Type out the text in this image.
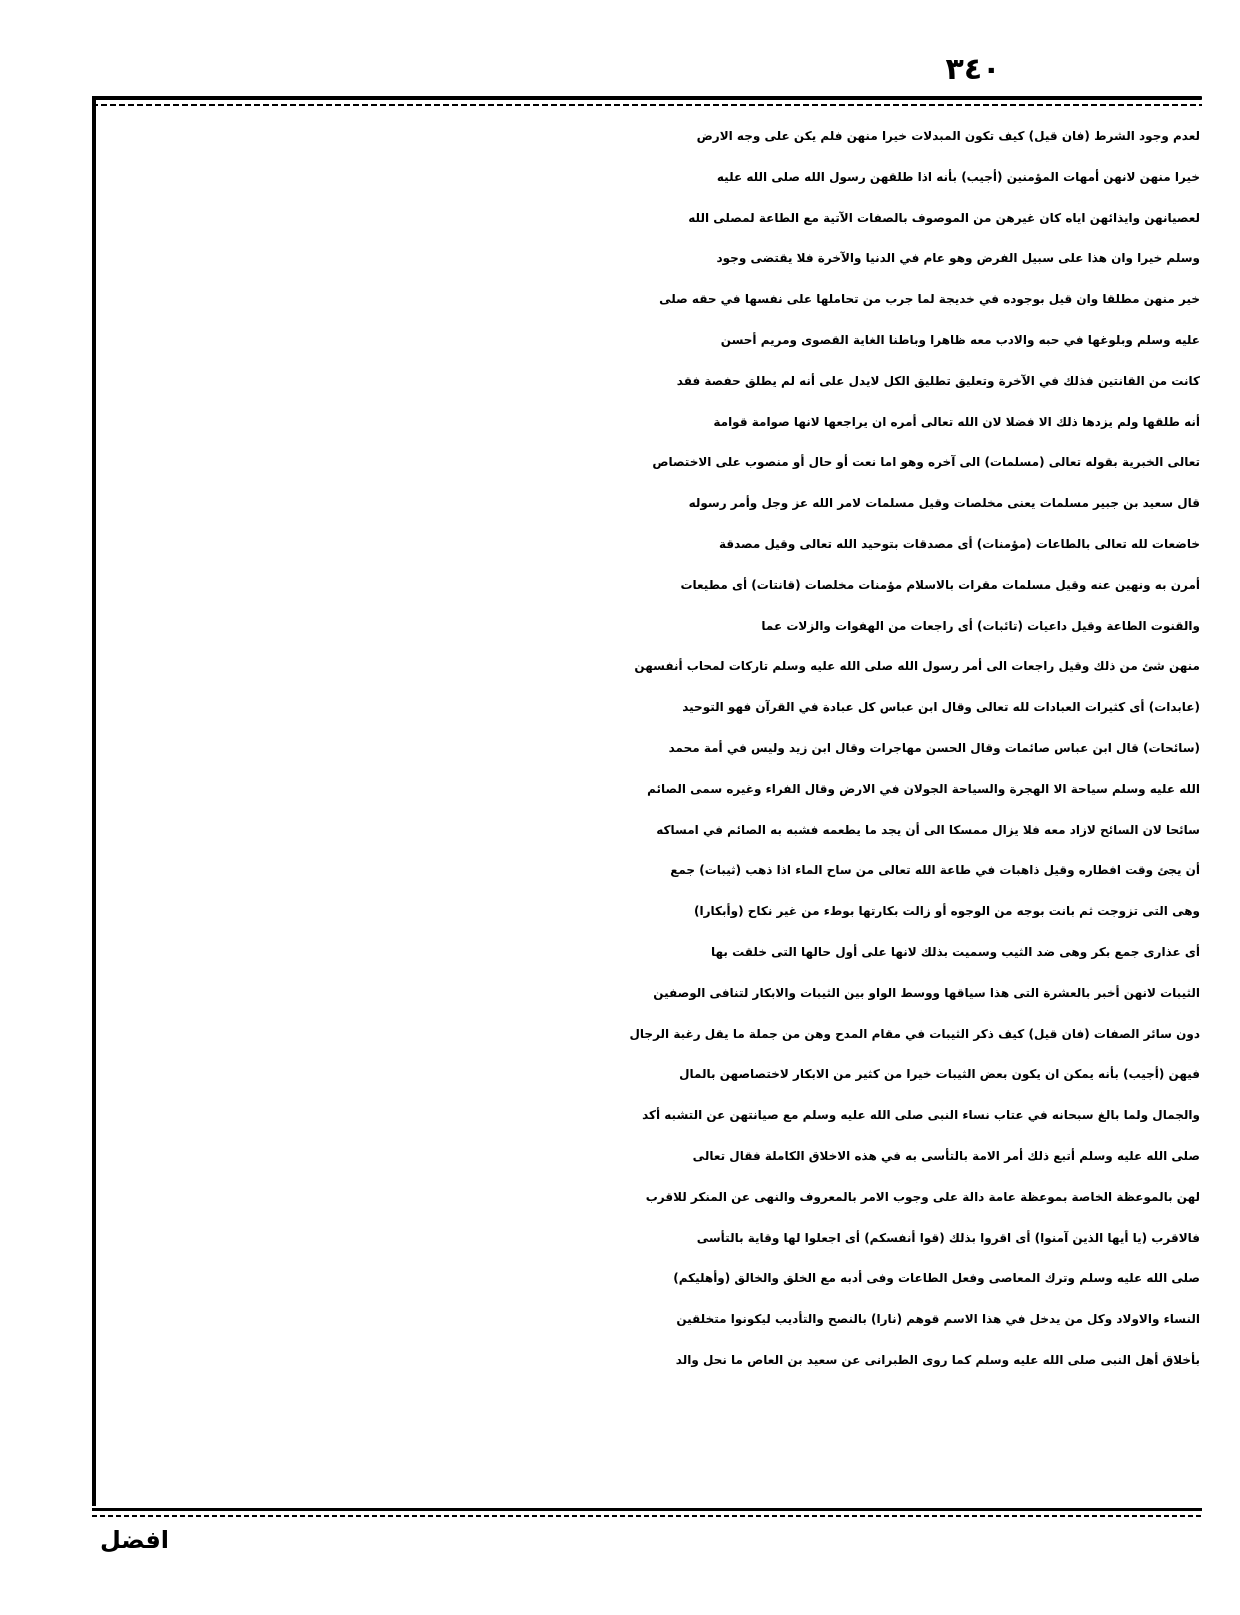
٣٤٠
لعدم وجود الشرط (فان قيل) كيف تكون المبدلات خيرا منهن فلم يكن على وجه الارض
خيرا منهن لانهن أمهات المؤمنين (أجيب) بأنه اذا طلقهن رسول الله صلى الله عليه
لعصيانهن وايذائهن اياه كان غيرهن من الموصوف بالصفات الآتية مع الطاعة لمصلى الله
وسلم خيرا وان هذا على سبيل الفرض وهو عام في الدنيا والآخرة فلا يقتضى وجود
خير منهن مطلقا وان قيل بوجوده في خديجة لما جرب من تحاملها على نفسها في حقه صلى
عليه وسلم وبلوغها في حبه والادب معه ظاهرا وباطنا الغاية القصوى ومريم أحسن
كانت من القانتين فذلك في الآخرة وتعليق تطليق الكل لايدل على أنه لم يطلق حفصة فقد
أنه طلقها ولم يزدها ذلك الا فضلا لان الله تعالى أمره ان يراجعها لانها صوامة قوامة
تعالى الخبرية بقوله تعالى (مسلمات) الى آخره وهو اما نعت أو حال أو منصوب على الاختصاص
قال سعيد بن جبير مسلمات يعنى مخلصات وقيل مسلمات لامر الله عز وجل وأمر رسوله
خاضعات لله تعالى بالطاعات (مؤمنات) أى مصدقات بتوحيد الله تعالى وقيل مصدقة
أمرن به ونهين عنه وقيل مسلمات مقرات بالاسلام مؤمنات مخلصات (قانتات) أى مطيعات
والقنوت الطاعة وقيل داعيات (تائبات) أى راجعات من الهفوات والزلات عما
منهن شئ من ذلك وقيل راجعات الى أمر رسول الله صلى الله عليه وسلم تاركات لمحاب أنفسهن
(عابدات) أى كثيرات العبادات لله تعالى وقال ابن عباس كل عبادة في القرآن فهو التوحيد
(سائحات) قال ابن عباس صائمات وقال الحسن مهاجرات وقال ابن زيد وليس في أمة محمد
الله عليه وسلم سياحة الا الهجرة والسياحة الجولان في الارض وقال الفراء وغيره سمى الصائم
سائحا لان السائح لازاد معه فلا يزال ممسكا الى أن يجد ما يطعمه فشبه به الصائم في امساكه
أن يجئ وقت افطاره وقيل ذاهبات في طاعة الله تعالى من ساح الماء اذا ذهب (ثيبات) جمع
وهى التى تزوجت ثم بانت بوجه من الوجوه أو زالت بكارتها بوطء من غير نكاح (وأبكارا)
أى عذارى جمع بكر وهى ضد الثيب وسميت بذلك لانها على أول حالها التى خلقت بها
الثيبات لانهن أخبر بالعشرة التى هذا سياقها ووسط الواو بين الثيبات والابكار لتنافى الوصفين
دون سائر الصفات (فان قيل) كيف ذكر الثيبات في مقام المدح وهن من جملة ما يقل رغبة الرجال
فيهن (أجيب) بأنه يمكن ان يكون بعض الثيبات خيرا من كثير من الابكار لاختصاصهن بالمال
والجمال ولما بالغ سبحانه في عتاب نساء النبى صلى الله عليه وسلم مع صيانتهن عن التشبه أكد
صلى الله عليه وسلم أتبع ذلك أمر الامة بالتأسى به في هذه الاخلاق الكاملة فقال تعالى
لهن بالموعظة الخاصة بموعظة عامة دالة على وجوب الامر بالمعروف والنهى عن المنكر للاقرب
فالاقرب (يا أيها الذين آمنوا) أى اقروا بذلك (قوا أنفسكم) أى اجعلوا لها وقاية بالتأسى
صلى الله عليه وسلم وترك المعاصى وفعل الطاعات وفى أدبه مع الخلق والخالق (وأهليكم)
النساء والاولاد وكل من يدخل في هذا الاسم قوهم (نارا) بالنصح والتأديب ليكونوا متخلقين
بأخلاق أهل النبى صلى الله عليه وسلم كما روى الطبرانى عن سعيد بن العاص ما نحل والد
افضل
